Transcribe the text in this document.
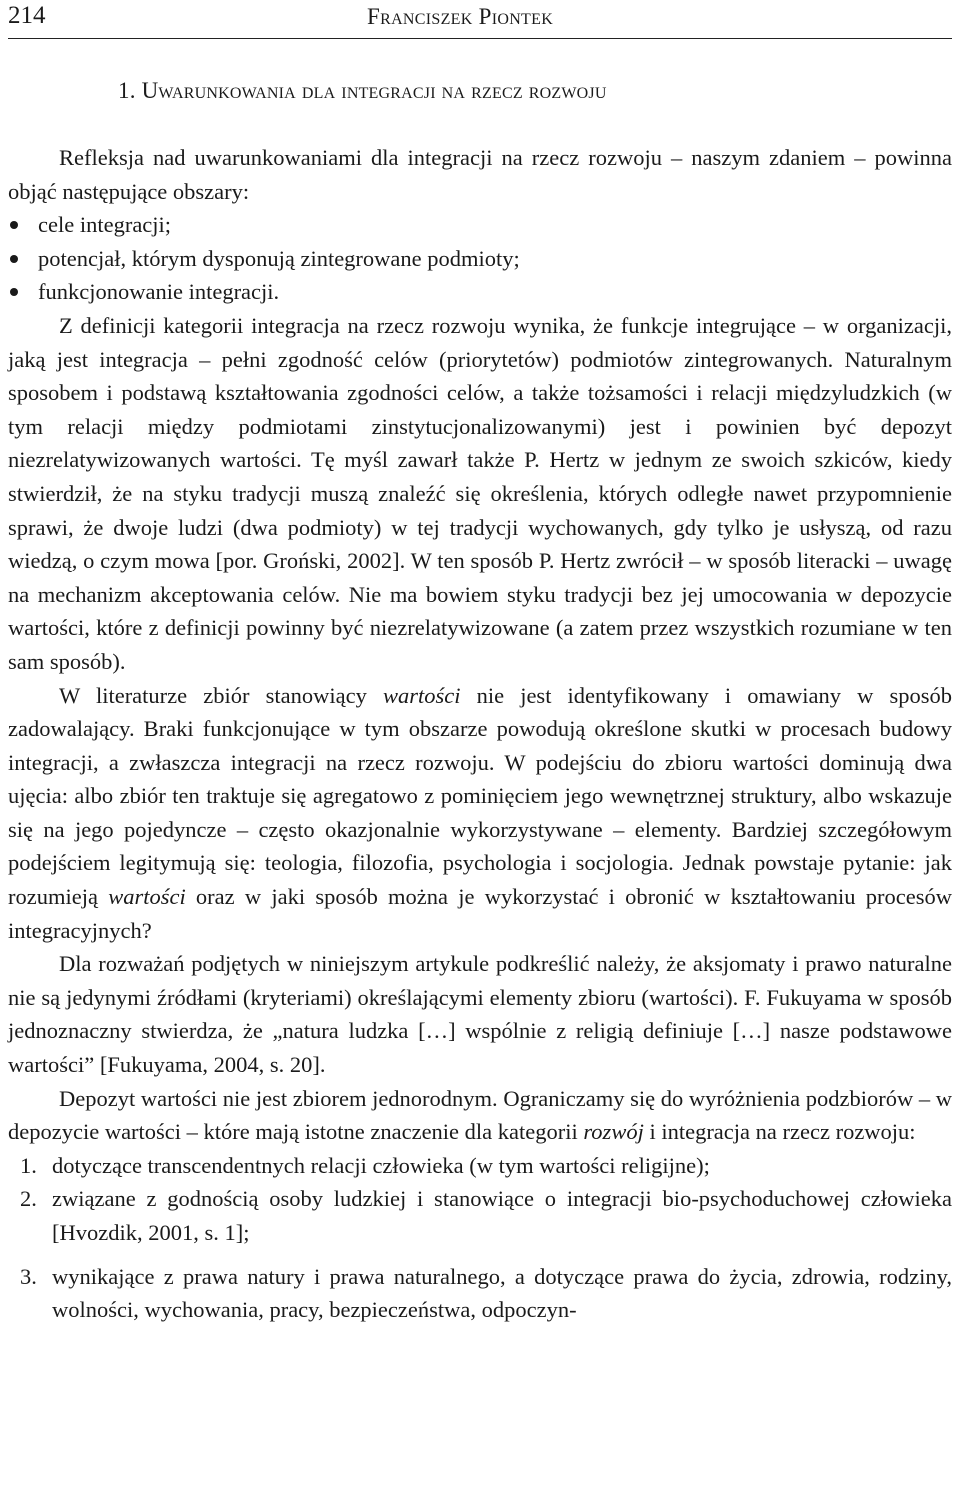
214	Franciszek Piontek
1. Uwarunkowania dla integracji na rzecz rozwoju

Refleksja nad uwarunkowaniami dla integracji na rzecz rozwoju – naszym zdaniem – powinna objąć następujące obszary:

cele integracji;
potencjał, którym dysponują zintegrowane podmioty;
funkcjonowanie integracji.

Z definicji kategorii integracja na rzecz rozwoju wynika, że funkcje integrujące – w organizacji, jaką jest integracja – pełni zgodność celów (priorytetów) podmiotów zintegrowanych. Naturalnym sposobem i podstawą kształtowania zgodności celów, a także tożsamości i relacji międzyludzkich (w tym relacji między podmiotami zinstytucjonalizowanymi) jest i powinien być depozyt niezrelatywizowanych wartości. Tę myśl zawarł także P. Hertz w jednym ze swoich szkiców, kiedy stwierdził, że na styku tradycji muszą znaleźć się określenia, których odległe nawet przypomnienie sprawi, że dwoje ludzi (dwa podmioty) w tej tradycji wychowanych, gdy tylko je usłyszą, od razu wiedzą, o czym mowa [por. Groński, 2002]. W ten sposób P. Hertz zwrócił – w sposób literacki – uwagę na mechanizm akceptowania celów. Nie ma bowiem styku tradycji bez jej umocowania w depozycie wartości, które z definicji powinny być niezrelatywizowane (a zatem przez wszystkich rozumiane w ten sam sposób).

W literaturze zbiór stanowiący wartości nie jest identyfikowany i omawiany w sposób zadowalający. Braki funkcjonujące w tym obszarze powodują określone skutki w procesach budowy integracji, a zwłaszcza integracji na rzecz rozwoju. W podejściu do zbioru wartości dominują dwa ujęcia: albo zbiór ten traktuje się agregatowo z pominięciem jego wewnętrznej struktury, albo wskazuje się na jego pojedyncze – często okazjonalnie wykorzystywane – elementy. Bardziej szczegółowym podejściem legitymują się: teologia, filozofia, psychologia i socjologia. Jednak powstaje pytanie: jak rozumieją wartości oraz w jaki sposób można je wykorzystać i obronić w kształtowaniu procesów integracyjnych?

Dla rozważań podjętych w niniejszym artykule podkreślić należy, że aksjomaty i prawo naturalne nie są jedynymi źródłami (kryteriami) określającymi elementy zbioru (wartości). F. Fukuyama w sposób jednoznaczny stwierdza, że „natura ludzka […] wspólnie z religią definiuje […] nasze podstawowe wartości” [Fukuyama, 2004, s. 20].

Depozyt wartości nie jest zbiorem jednorodnym. Ograniczamy się do wyróżnienia podzbiorów – w depozycie wartości – które mają istotne znaczenie dla kategorii rozwój i integracja na rzecz rozwoju:

1. dotyczące transcendentnych relacji człowieka (w tym wartości religijne);
2. związane z godnością osoby ludzkiej i stanowiące o integracji bio-psychoduchowej człowieka [Hvozdik, 2001, s. 1];
3. wynikające z prawa natury i prawa naturalnego, a dotyczące prawa do życia, zdrowia, rodziny, wolności, wychowania, pracy, bezpieczeństwa, odpoczyn-
